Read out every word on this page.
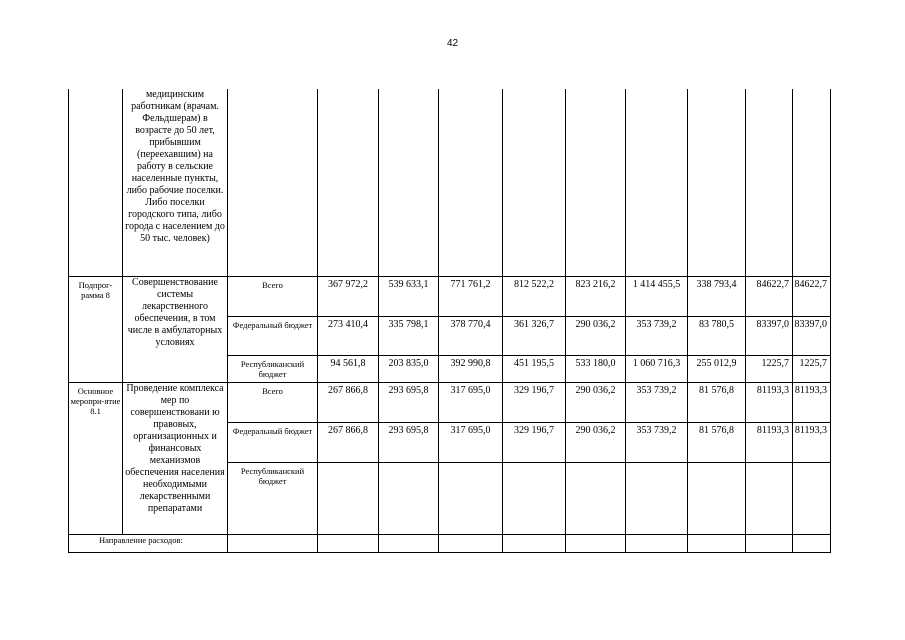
42
	медицинским работникам (врачам. Фельдшерам) в возрасте до 50 лет, прибывшим (переехавшим) на работу в сельские населенные пункты, либо рабочие поселки. Либо поселки городского типа, либо города с населением до 50 тыс. человек)										
Подпрог-рамма 8	Совершенствование системы лекарственного обеспечения, в том числе в амбулаторных условиях	Всего	367 972,2	539 633,1	771 761,2	812 522,2	823 216,2	1 414 455,5	338 793,4	84622,7	84622,7
		Федеральный бюджет	273 410,4	335 798,1	378 770,4	361 326,7	290 036,2	353 739,2	83 780,5	83397,0	83397,0
		Республиканский бюджет	94 561,8	203 835,0	392 990,8	451 195,5	533 180,0	1 060 716,3	255 012,9	1225,7	1225,7
Основное меропри-ятие 8.1	Проведение комплекса мер по совершенствовани ю правовых, организационных и финансовых механизмов обеспечения населения необходимыми лекарственными препаратами	Всего	267 866,8	293 695,8	317 695,0	329 196,7	290 036,2	353 739,2	81 576,8	81193,3	81193,3
		Федеральный бюджет	267 866,8	293 695,8	317 695,0	329 196,7	290 036,2	353 739,2	81 576,8	81193,3	81193,3
		Республиканский бюджет									
Направление расходов:											
